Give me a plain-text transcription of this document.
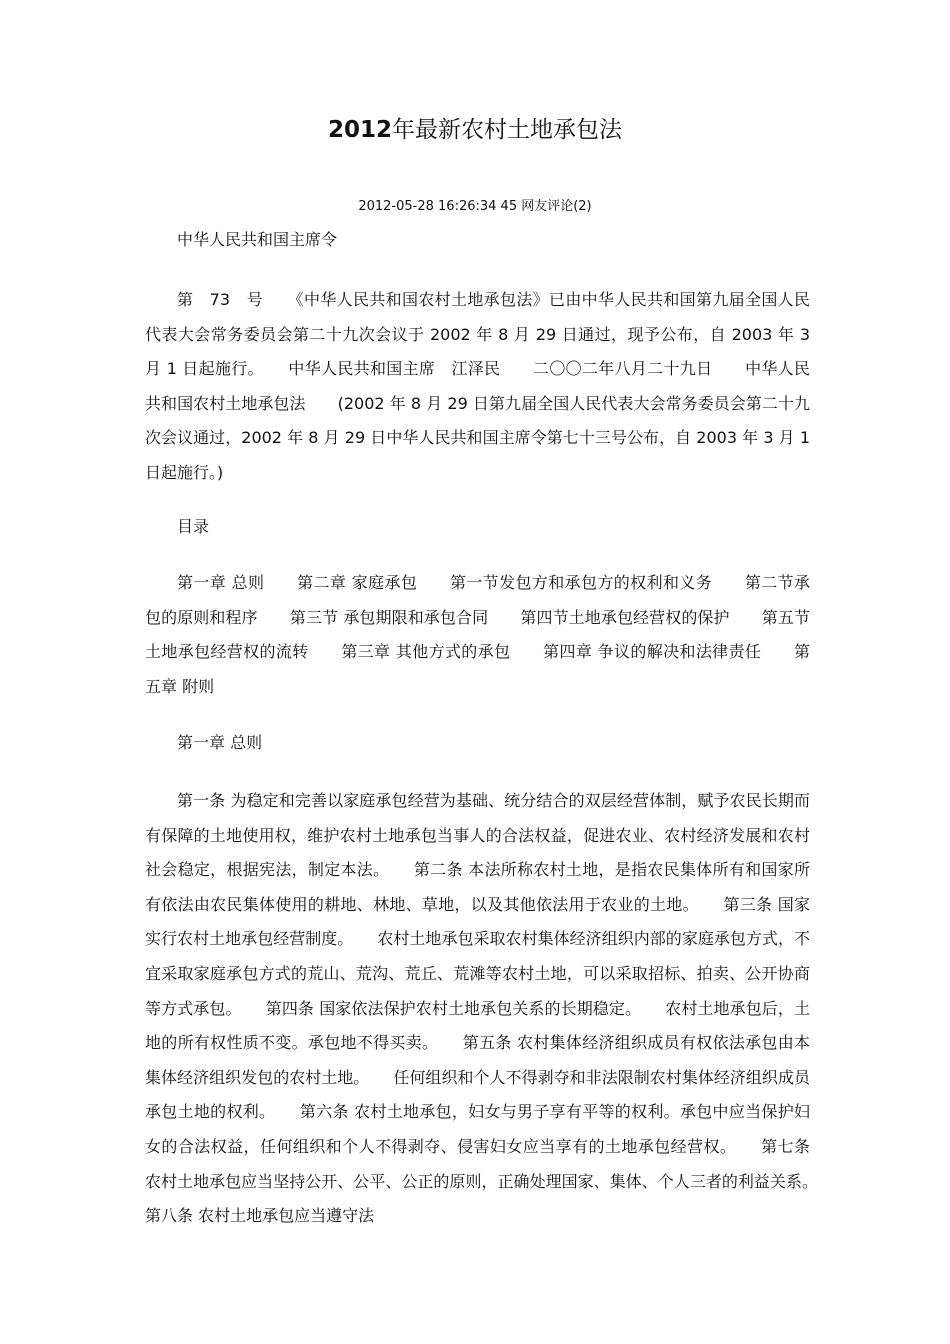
2012年最新农村土地承包法
2012-05-28 16:26:34 45 网友评论(2)

中华人民共和国主席令

第　73　号　　《中华人民共和国农村土地承包法》已由中华人民共和国第九届全国人民代表大会常务委员会第二十九次会议于 2002 年 8 月 29 日通过，现予公布，自 2003 年 3 月 1 日起施行。　　中华人民共和国主席　江泽民　　二〇〇二年八月二十九日　　中华人民共和国农村土地承包法　　(2002 年 8 月 29 日第九届全国人民代表大会常务委员会第二十九次会议通过，2002 年 8 月 29 日中华人民共和国主席令第七十三号公布，自 2003 年 3 月 1 日起施行。)

目录

第一章 总则　　第二章 家庭承包　　第一节发包方和承包方的权利和义务　　第二节承包的原则和程序　　第三节 承包期限和承包合同　　第四节土地承包经营权的保护　　第五节土地承包经营权的流转　　第三章 其他方式的承包　　第四章 争议的解决和法律责任　　第五章 附则

第一章 总则

第一条 为稳定和完善以家庭承包经营为基础、统分结合的双层经营体制，赋予农民长期而有保障的土地使用权，维护农村土地承包当事人的合法权益，促进农业、农村经济发展和农村社会稳定，根据宪法，制定本法。　　第二条 本法所称农村土地，是指农民集体所有和国家所有依法由农民集体使用的耕地、林地、草地，以及其他依法用于农业的土地。　　第三条 国家实行农村土地承包经营制度。　　农村土地承包采取农村集体经济组织内部的家庭承包方式，不宜采取家庭承包方式的荒山、荒沟、荒丘、荒滩等农村土地，可以采取招标、拍卖、公开协商等方式承包。　　第四条 国家依法保护农村土地承包关系的长期稳定。　　农村土地承包后，土地的所有权性质不变。承包地不得买卖。　　第五条 农村集体经济组织成员有权依法承包由本集体经济组织发包的农村土地。　　任何组织和个人不得剥夺和非法限制农村集体经济组织成员承包土地的权利。　　第六条 农村土地承包，妇女与男子享有平等的权利。承包中应当保护妇女的合法权益，任何组织和个人不得剥夺、侵害妇女应当享有的土地承包经营权。　　第七条 农村土地承包应当坚持公开、公平、公正的原则，正确处理国家、集体、个人三者的利益关系。　　第八条 农村土地承包应当遵守法
